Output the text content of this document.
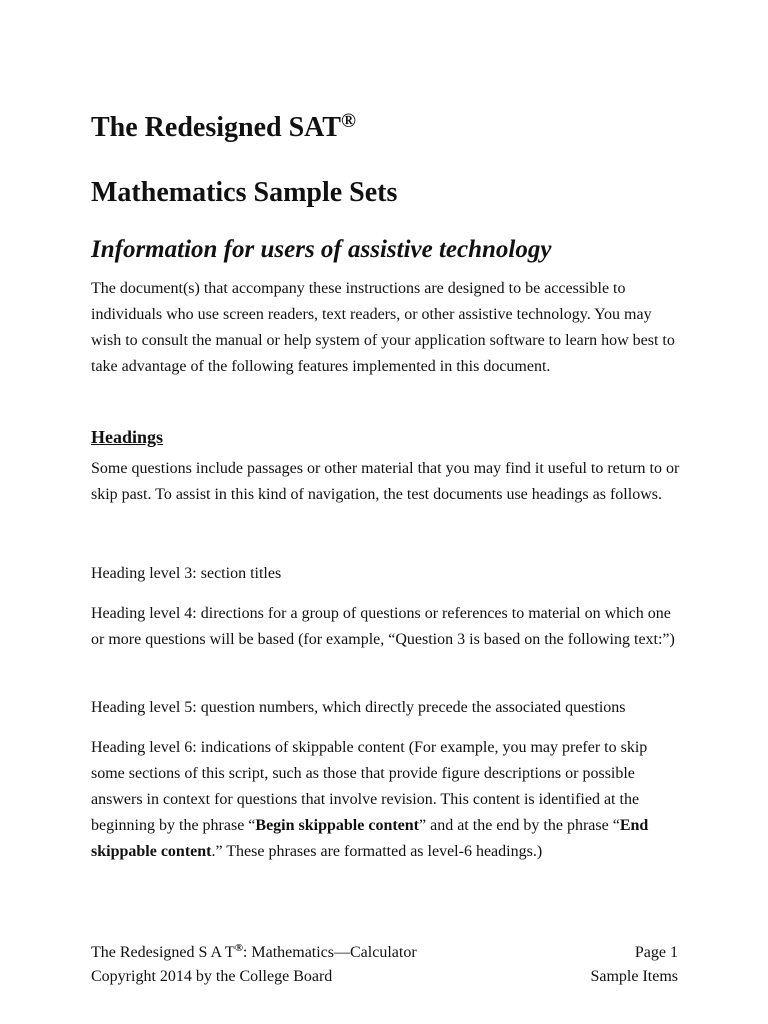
The Redesigned SAT®
Mathematics Sample Sets
Information for users of assistive technology

The document(s) that accompany these instructions are designed to be accessible to individuals who use screen readers, text readers, or other assistive technology. You may wish to consult the manual or help system of your application software to learn how best to take advantage of the following features implemented in this document.

Headings

Some questions include passages or other material that you may find it useful to return to or skip past. To assist in this kind of navigation, the test documents use headings as follows.

Heading level 3: section titles

Heading level 4: directions for a group of questions or references to material on which one or more questions will be based (for example, “Question 3 is based on the following text:”)

Heading level 5: question numbers, which directly precede the associated questions

Heading level 6: indications of skippable content (For example, you may prefer to skip some sections of this script, such as those that provide figure descriptions or possible answers in context for questions that involve revision. This content is identified at the beginning by the phrase “Begin skippable content” and at the end by the phrase “End skippable content.” These phrases are formatted as level-6 headings.)

The Redesigned S A T®: Mathematics—Calculator
Copyright 2014 by the College Board
Page 1
Sample Items
